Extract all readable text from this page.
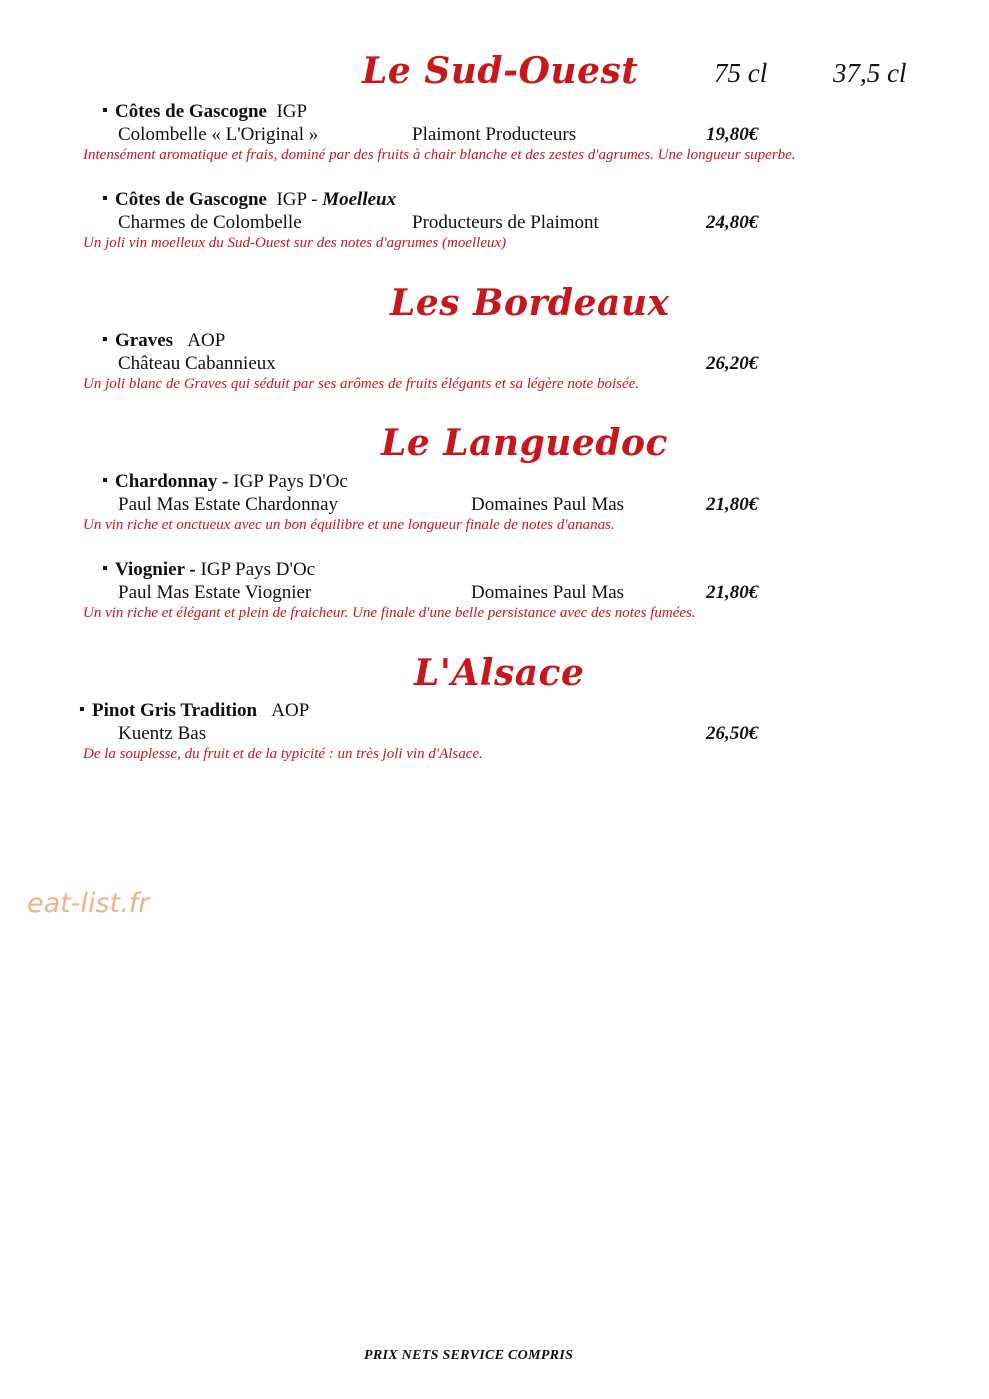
75 cl 37,5 cl
Le Sud-Ouest
▪ Côtes de Gascogne IGP
Colombelle « L'Original »	Plaimont Producteurs	19,80€
Intensément aromatique et frais, dominé par des fruits à chair blanche et des zestes d'agrumes. Une longueur superbe.
▪ Côtes de Gascogne IGP - Moelleux
Charmes de Colombelle	Producteurs de Plaimont	24,80€
Un joli vin moelleux du Sud-Ouest sur des notes d'agrumes (moelleux)
Les Bordeaux
▪ Graves AOP
Château Cabannieux	26,20€
Un joli blanc de Graves qui séduit par ses arômes de fruits élégants et sa légère note boisée.
Le Languedoc
▪ Chardonnay - IGP Pays D'Oc
Paul Mas Estate Chardonnay	Domaines Paul Mas	21,80€
Un vin riche et onctueux avec un bon équilibre et une longueur finale de notes d'ananas.
▪ Viognier - IGP Pays D'Oc
Paul Mas Estate Viognier	Domaines Paul Mas	21,80€
Un vin riche et élégant et plein de fraicheur. Une finale d'une belle persistance avec des notes fumées.
L'Alsace
▪ Pinot Gris Tradition AOP
Kuentz Bas	26,50€
De la souplesse, du fruit et de la typicité : un très joli vin d'Alsace.
eat-list.fr
PRIX NETS SERVICE COMPRIS
